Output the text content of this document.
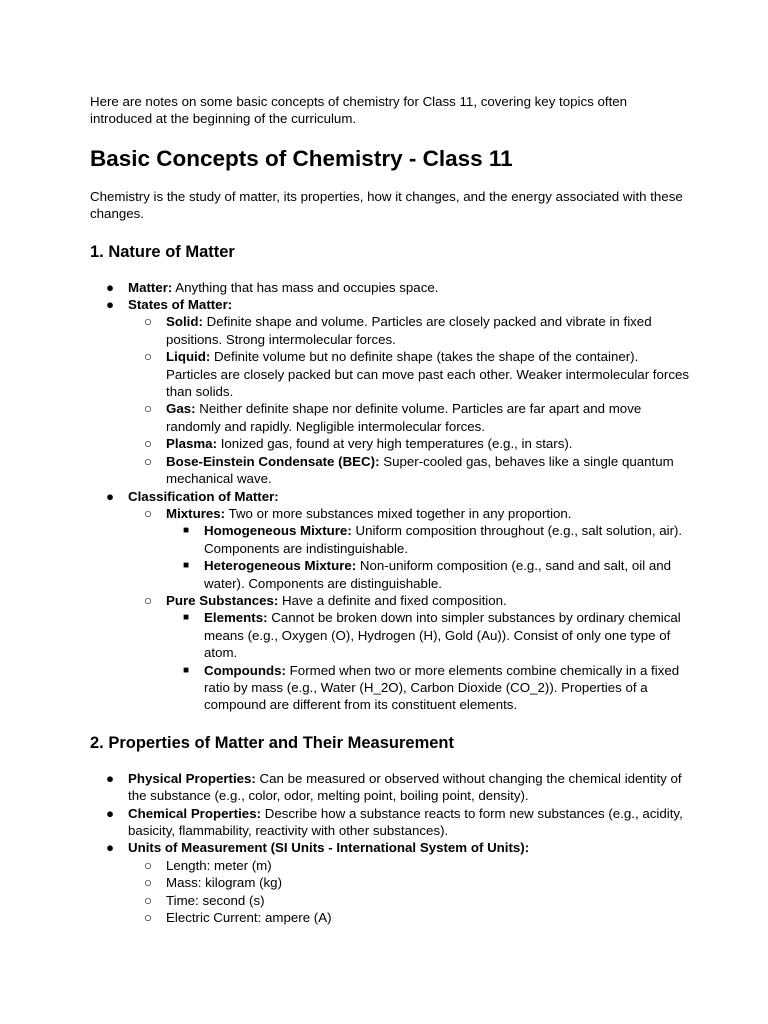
Here are notes on some basic concepts of chemistry for Class 11, covering key topics often introduced at the beginning of the curriculum.

Basic Concepts of Chemistry - Class 11

Chemistry is the study of matter, its properties, how it changes, and the energy associated with these changes.

1. Nature of Matter
● Matter: Anything that has mass and occupies space.
● States of Matter:
○ Solid: Definite shape and volume. Particles are closely packed and vibrate in fixed positions. Strong intermolecular forces.
○ Liquid: Definite volume but no definite shape (takes the shape of the container). Particles are closely packed but can move past each other. Weaker intermolecular forces than solids.
○ Gas: Neither definite shape nor definite volume. Particles are far apart and move randomly and rapidly. Negligible intermolecular forces.
○ Plasma: Ionized gas, found at very high temperatures (e.g., in stars).
○ Bose-Einstein Condensate (BEC): Super-cooled gas, behaves like a single quantum mechanical wave.
● Classification of Matter:
○ Mixtures: Two or more substances mixed together in any proportion.
■ Homogeneous Mixture: Uniform composition throughout (e.g., salt solution, air). Components are indistinguishable.
■ Heterogeneous Mixture: Non-uniform composition (e.g., sand and salt, oil and water). Components are distinguishable.
○ Pure Substances: Have a definite and fixed composition.
■ Elements: Cannot be broken down into simpler substances by ordinary chemical means (e.g., Oxygen (O), Hydrogen (H), Gold (Au)). Consist of only one type of atom.
■ Compounds: Formed when two or more elements combine chemically in a fixed ratio by mass (e.g., Water (H_2O), Carbon Dioxide (CO_2)). Properties of a compound are different from its constituent elements.
2. Properties of Matter and Their Measurement
● Physical Properties: Can be measured or observed without changing the chemical identity of the substance (e.g., color, odor, melting point, boiling point, density).
● Chemical Properties: Describe how a substance reacts to form new substances (e.g., acidity, basicity, flammability, reactivity with other substances).
● Units of Measurement (SI Units - International System of Units):
○ Length: meter (m)
○ Mass: kilogram (kg)
○ Time: second (s)
○ Electric Current: ampere (A)
